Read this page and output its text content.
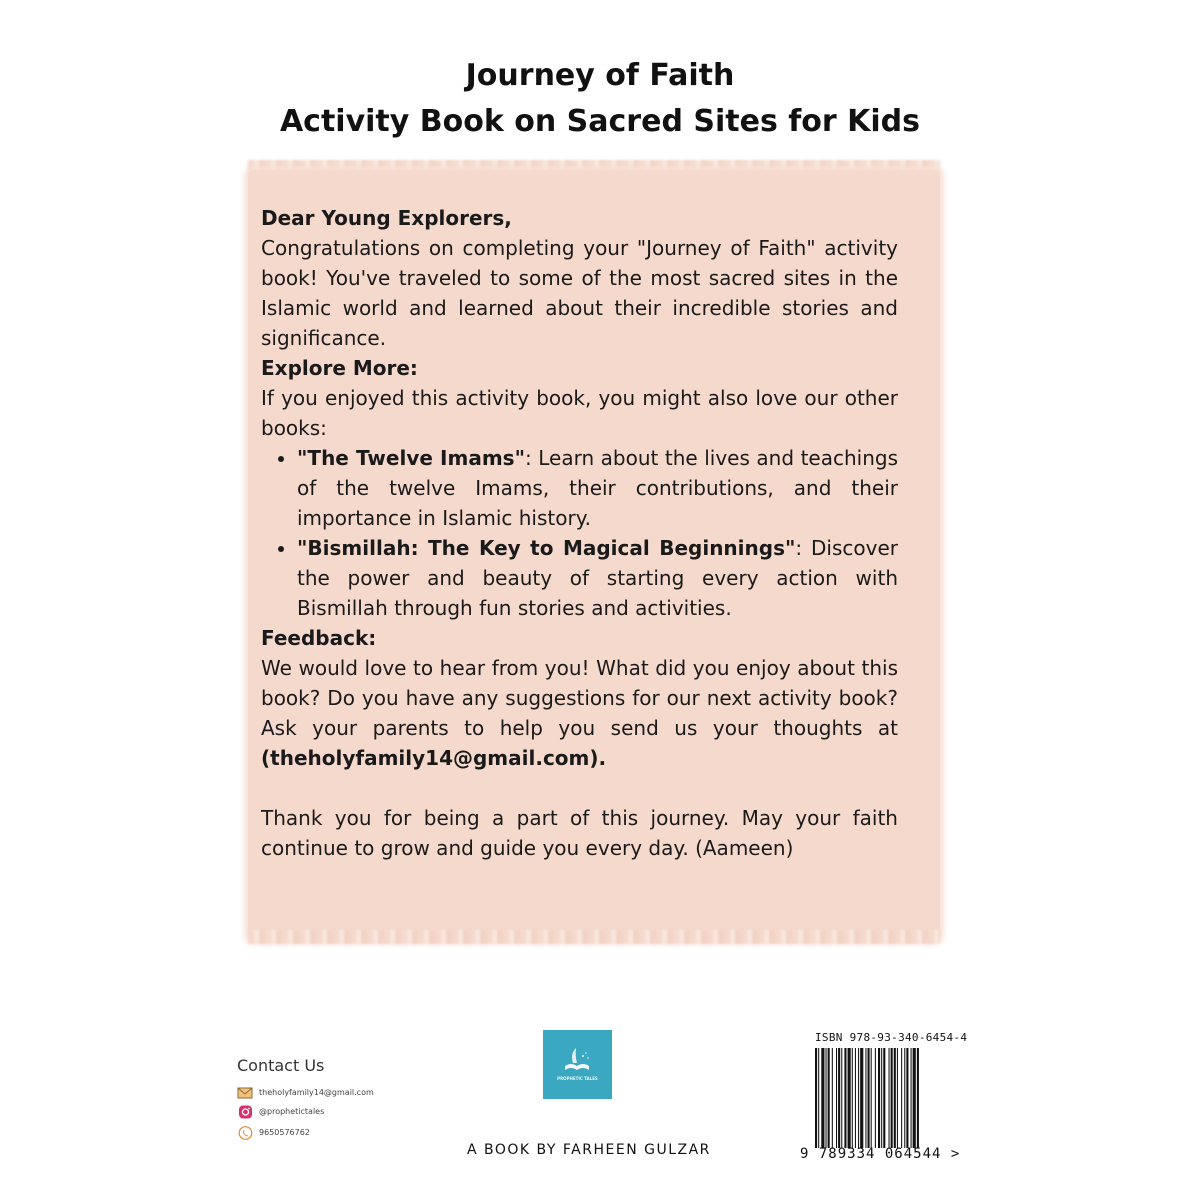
Journey of Faith
Activity Book on Sacred Sites for Kids

Dear Young Explorers,

Congratulations on completing your "Journey of Faith" activity book! You've traveled to some of the most sacred sites in the Islamic world and learned about their incredible stories and significance.

Explore More:

If you enjoyed this activity book, you might also love our other books:

• "The Twelve Imams": Learn about the lives and teachings of the twelve Imams, their contributions, and their importance in Islamic history.
• "Bismillah: The Key to Magical Beginnings": Discover the power and beauty of starting every action with Bismillah through fun stories and activities.

Feedback:

We would love to hear from you! What did you enjoy about this book? Do you have any suggestions for our next activity book? Ask your parents to help you send us your thoughts at (theholyfamily14@gmail.com).

Thank you for being a part of this journey. May your faith continue to grow and guide you every day. (Aameen)

Contact Us
theholyfamily14@gmail.com
@prophetictales
9650576762
PROPHETIC TALES
A BOOK BY FARHEEN GULZAR
ISBN 978-93-340-6454-4
9 789334 064544 >
